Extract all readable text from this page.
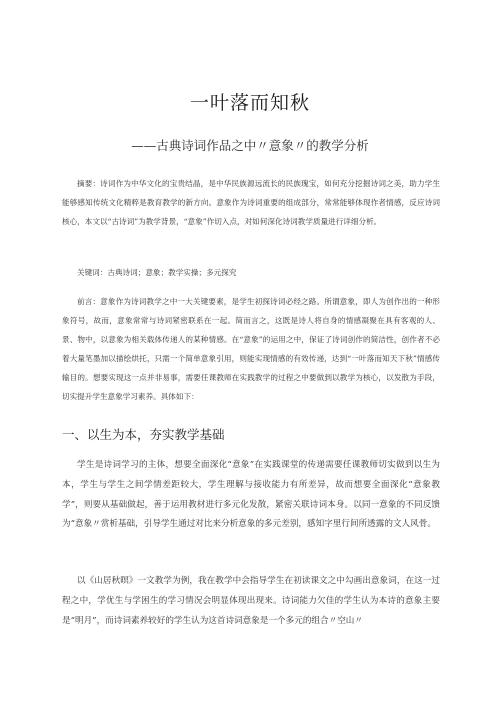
一叶落而知秋
——古典诗词作品之中〃意象〃的教学分析
摘要：诗词作为中华文化的宝贵结晶，是中华民族源远流长的民族瑰宝，如何充分挖掘诗词之美，助力学生能够感知传统文化精粹是教育教学的新方向。意象作为诗词重要的组成部分，常常能够体现作者情感，反应诗词核心，本文以“古诗词”为教学背景，“意象”作切入点，对如何深化诗词教学质量进行详细分析。
关键词：古典诗词；意象；教学实操；多元探究
前言：意象作为诗词教学之中一大关键要素，是学生初探诗词必经之路。所谓意象，即人为创作出的一种形象符号，故而，意象常常与诗词紧密联系在一起。简而言之，这既是诗人将自身的情感凝聚在具有客观的人、景、物中，以意象为相关载体传递人的某种情感。在“意象”的运用之中，保证了诗词创作的简洁性，创作者不必着大量笔墨加以描绘烘托，只需一个简单意象引用，则能实现情感的有效传递，达到“一叶落而知天下秋”情感传输目的。想要实现这一点并非易事，需要任课教师在实践教学的过程之中要做到以教学为核心，以发散为手段，切实提升学生意象学习素养。具体如下：
一、以生为本，夯实教学基础
学生是诗词学习的主体，想要全面深化“意象”在实践课堂的传递需要任课教师切实做到以生为本，学生与学生之间学情差距较大，学生理解与接收能力有所差异，故而想要全面深化“意象教学”，则要从基础做起，善于运用教材进行多元化发散，紧密关联诗词本身。以同一意象的不同反馈为“意象〃赏析基础，引导学生通过对比来分析意象的多元差别，感知字里行间所透露的文人风骨。
以《山居秋暝》一文教学为例，我在教学中会指导学生在初读课文之中勾画出意象词，在这一过程之中，学优生与学困生的学习情况会明显体现出现来。诗词能力欠佳的学生认为本诗的意象主要是“明月”，而诗词素养较好的学生认为这首诗词意象是一个多元的组合〃空山〃
